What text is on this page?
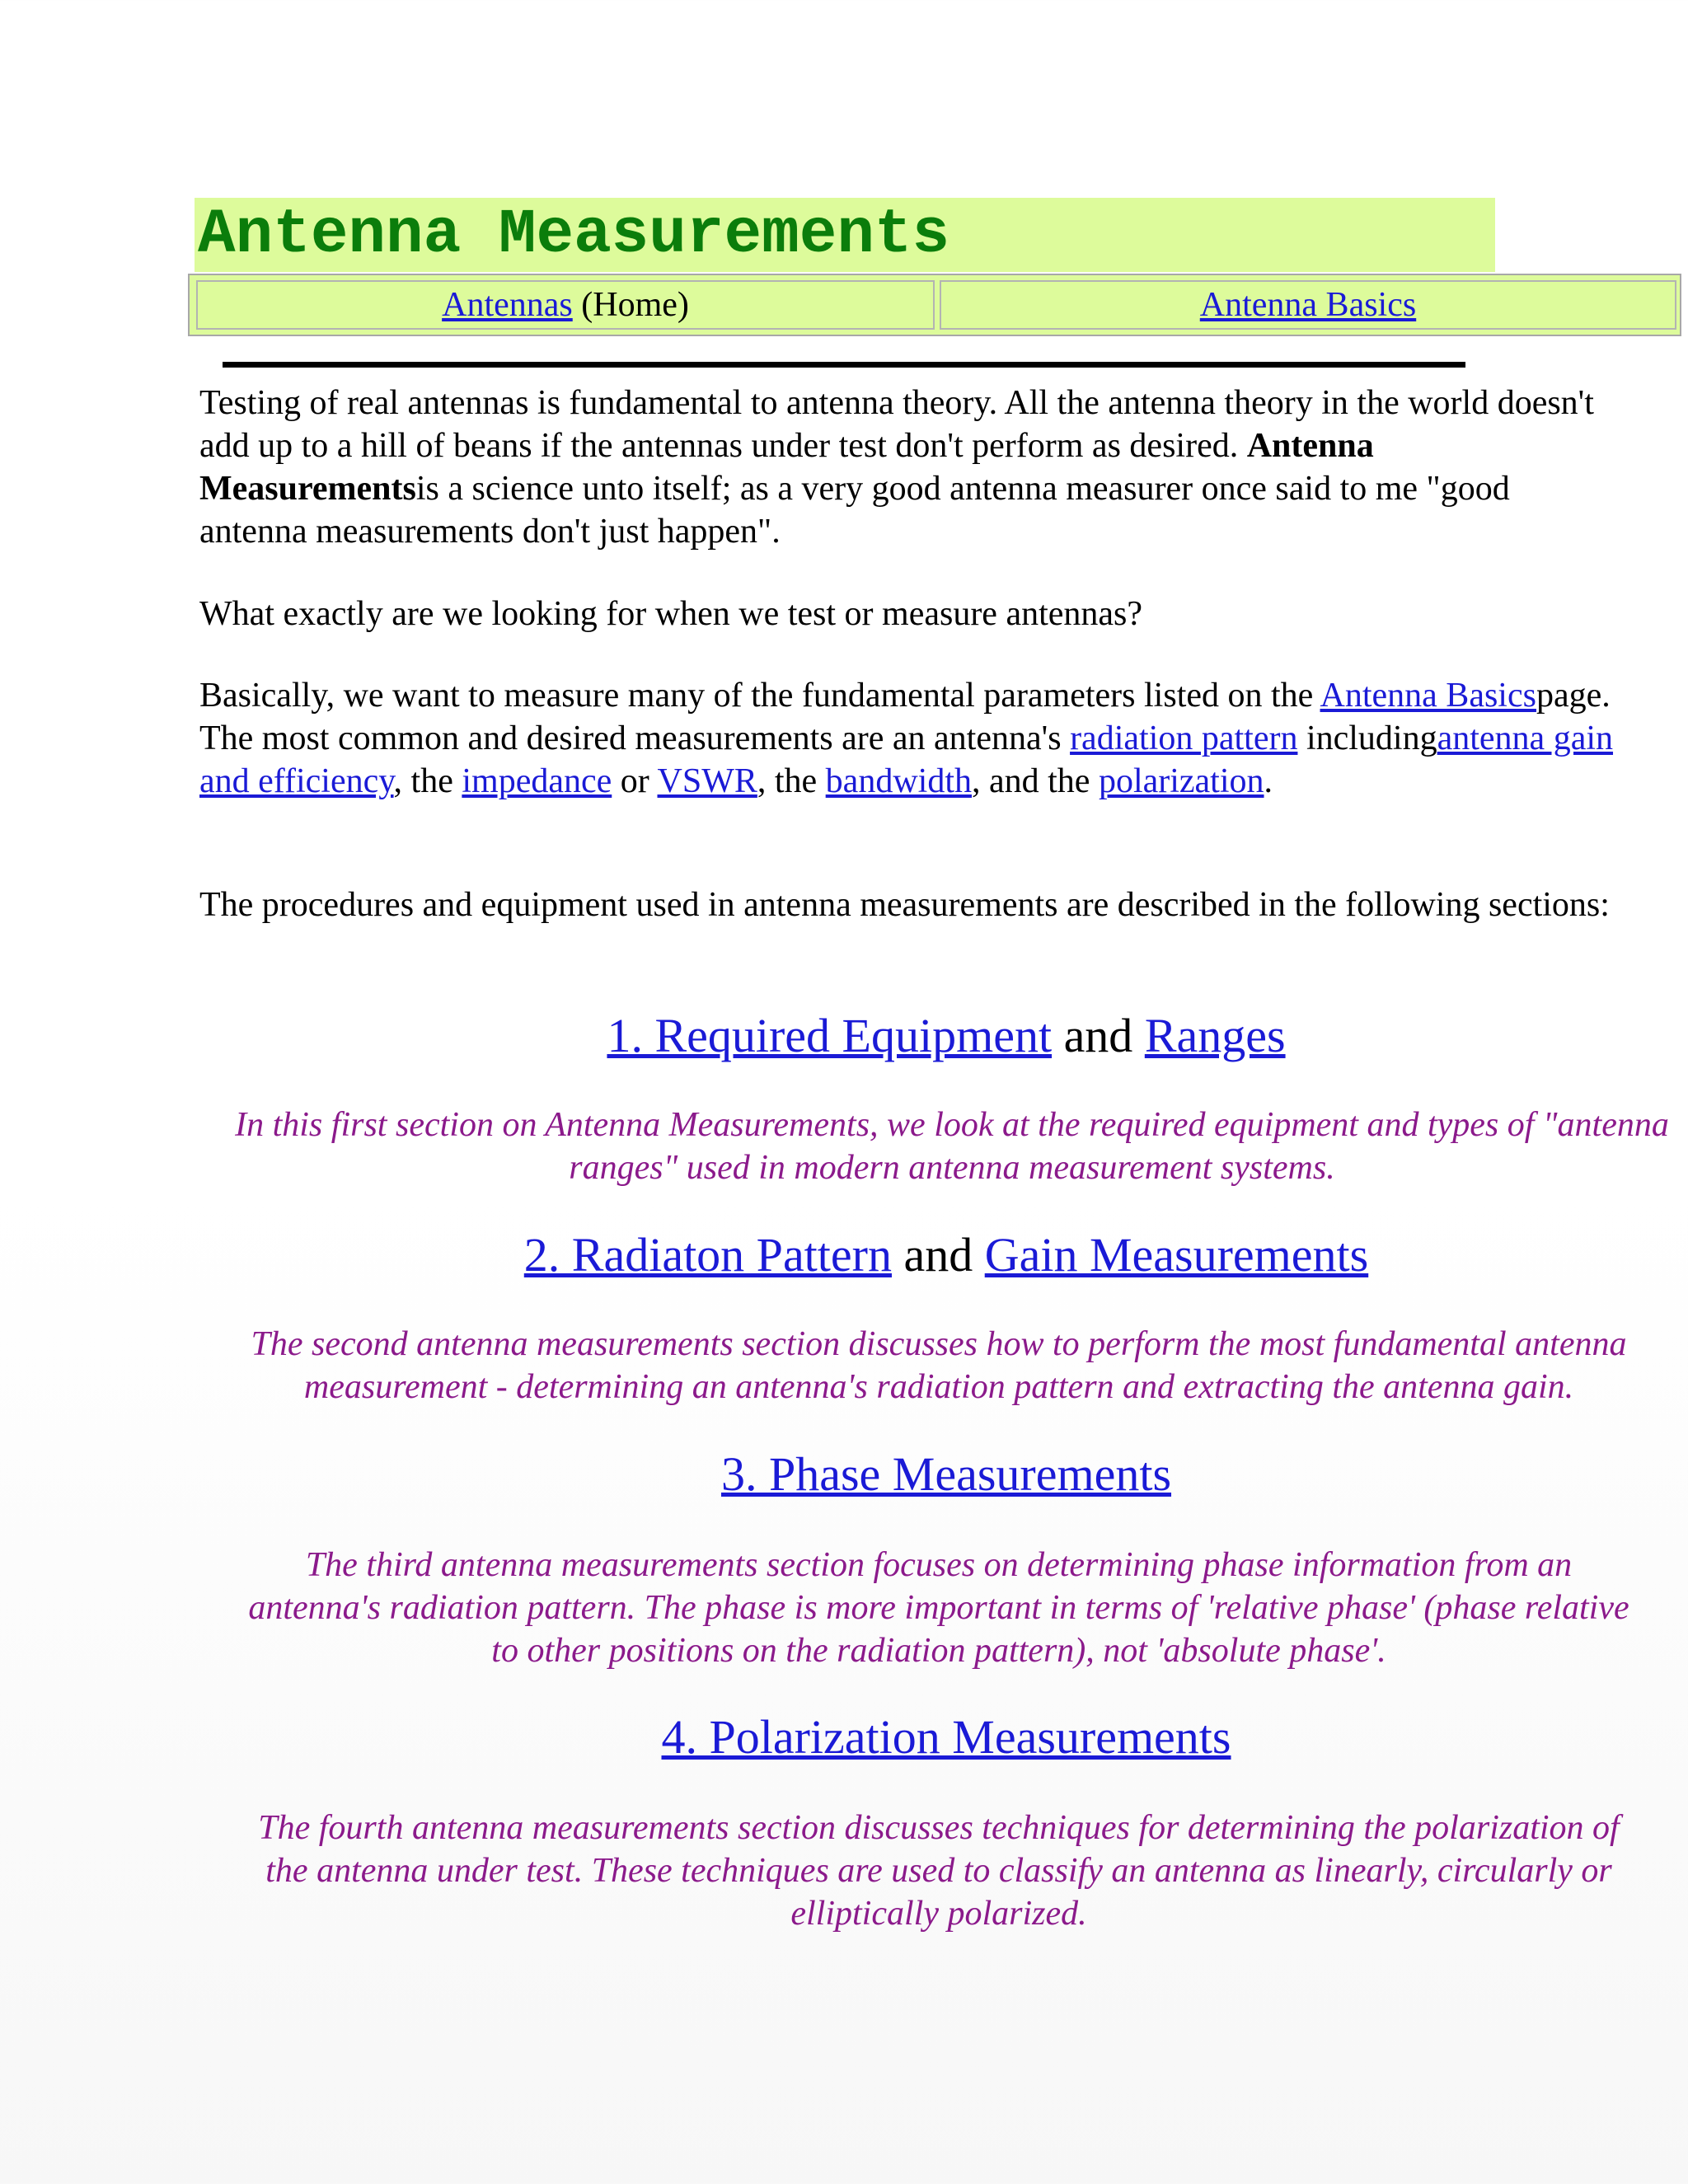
Antenna Measurements
Antennas (Home)	Antenna Basics

Testing of real antennas is fundamental to antenna theory. All the antenna theory in the world doesn't add up to a hill of beans if the antennas under test don't perform as desired. Antenna Measurementsis a science unto itself; as a very good antenna measurer once said to me "good antenna measurements don't just happen".

What exactly are we looking for when we test or measure antennas?

Basically, we want to measure many of the fundamental parameters listed on the Antenna Basicspage. The most common and desired measurements are an antenna's radiation pattern includingantenna gain and efficiency, the impedance or VSWR, the bandwidth, and the polarization.

The procedures and equipment used in antenna measurements are described in the following sections:

1. Required Equipment and Ranges

In this first section on Antenna Measurements, we look at the required equipment and types of "antenna ranges" used in modern antenna measurement systems.

2. Radiaton Pattern and Gain Measurements

The second antenna measurements section discusses how to perform the most fundamental antenna
measurement - determining an antenna's radiation pattern and extracting the antenna gain.

3. Phase Measurements

The third antenna measurements section focuses on determining phase information from an
antenna's radiation pattern. The phase is more important in terms of 'relative phase' (phase relative
to other positions on the radiation pattern), not 'absolute phase'.

4. Polarization Measurements

The fourth antenna measurements section discusses techniques for determining the polarization of
the antenna under test. These techniques are used to classify an antenna as linearly, circularly or
elliptically polarized.
